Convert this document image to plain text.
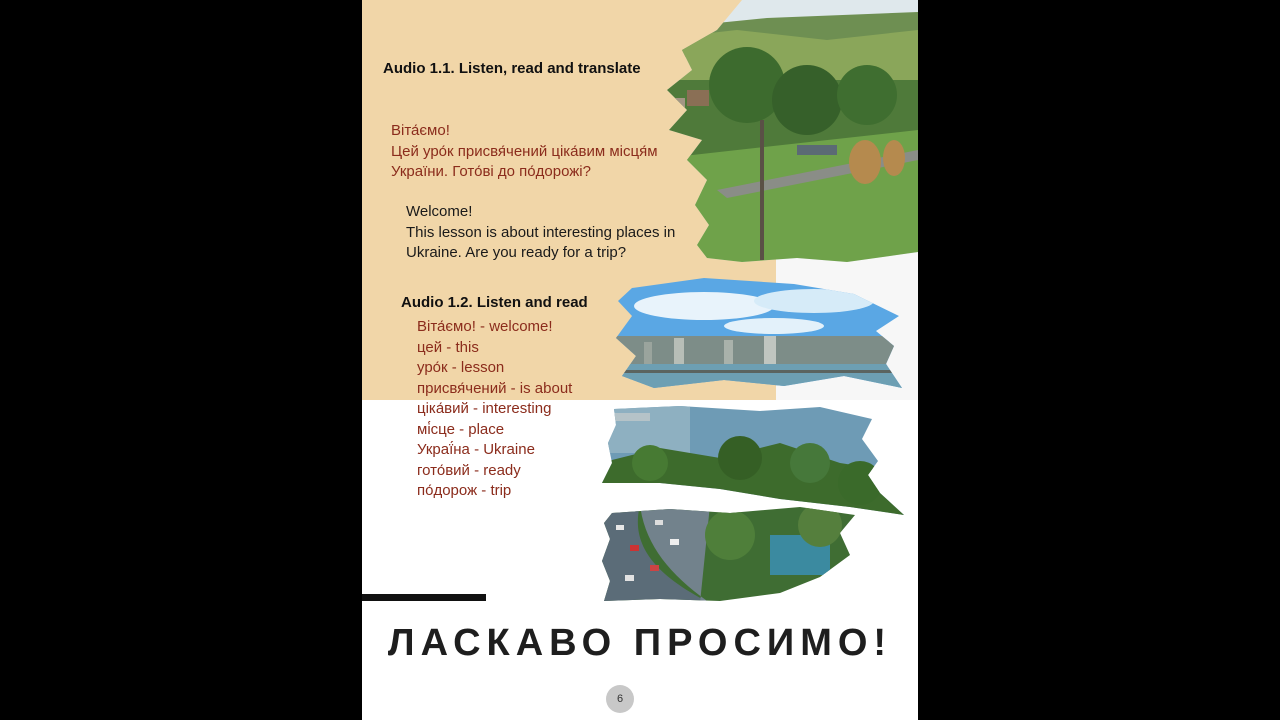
Audio 1.1. Listen, read and translate
Віта́ємо!
Цей уро́к присвя́чений ціка́вим місця́м
України. Гото́ві до по́дорожі?
Welcome!
This lesson is about interesting places in
Ukraine. Are you ready for a trip?
Audio 1.2. Listen and read
Віта́ємо! - welcome!
цей - this
уро́к - lesson
присвя́чений - is about
ціка́вий - interesting
мі́сце - place
Украї́на - Ukraine
гото́вий - ready
по́дорож - trip
ЛАСКАВО ПРОСИМО!
6
